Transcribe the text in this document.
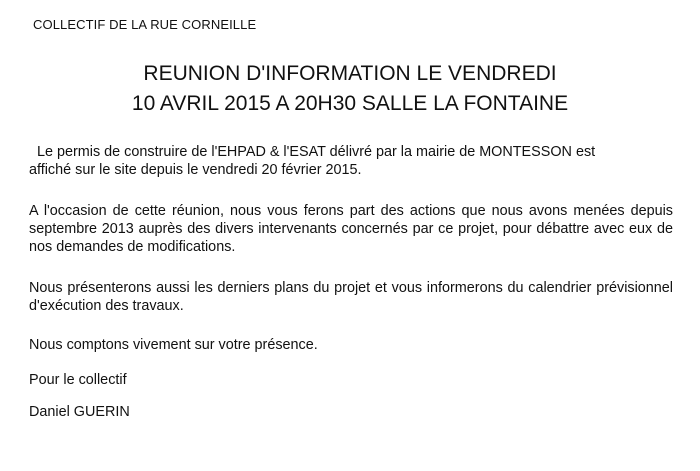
COLLECTIF DE LA RUE CORNEILLE
REUNION D'INFORMATION LE VENDREDI
10 AVRIL 2015 A 20H30 SALLE LA FONTAINE
Le permis de construire de l'EHPAD & l'ESAT délivré par la mairie de MONTESSON est
affiché sur le site depuis le vendredi 20 février 2015.

A l'occasion de cette réunion, nous vous ferons part des actions que nous avons menées depuis septembre 2013 auprès des divers intervenants concernés par ce projet, pour débattre avec eux de nos demandes de modifications.

Nous présenterons aussi les derniers plans du projet et vous informerons du calendrier prévisionnel d'exécution des travaux.

Nous comptons vivement sur votre présence.

Pour le collectif

Daniel GUERIN
